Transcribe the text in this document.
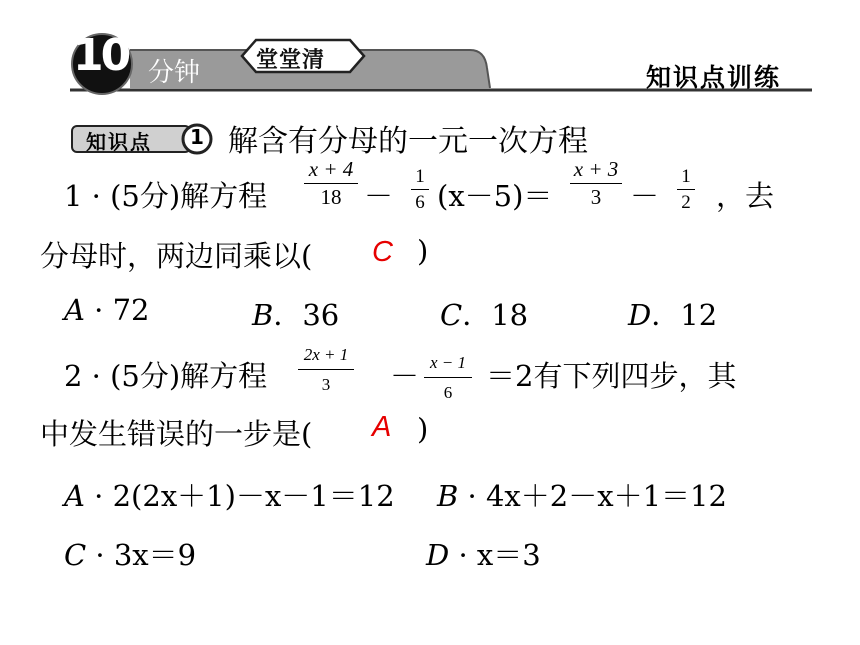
10 分钟	堂堂清
知识点训练
知识点 1 解含有分母的一元一次方程
1 · (5分)解方程
x + 4
18 －
1
6 (x－5)＝
x + 3
3 －
1
2 ，去
分母时，两边同乘以( C )
A · 72	B．36	C．18	D．12
2 · (5分)解方程
2x + 1
3	－ x − 1
6	＝2有下列四步，其
中发生错误的一步是( A )
A · 2(2x＋1)－x－1＝12 B · 4x＋2－x＋1＝12
C · 3x＝9	D · x＝3
